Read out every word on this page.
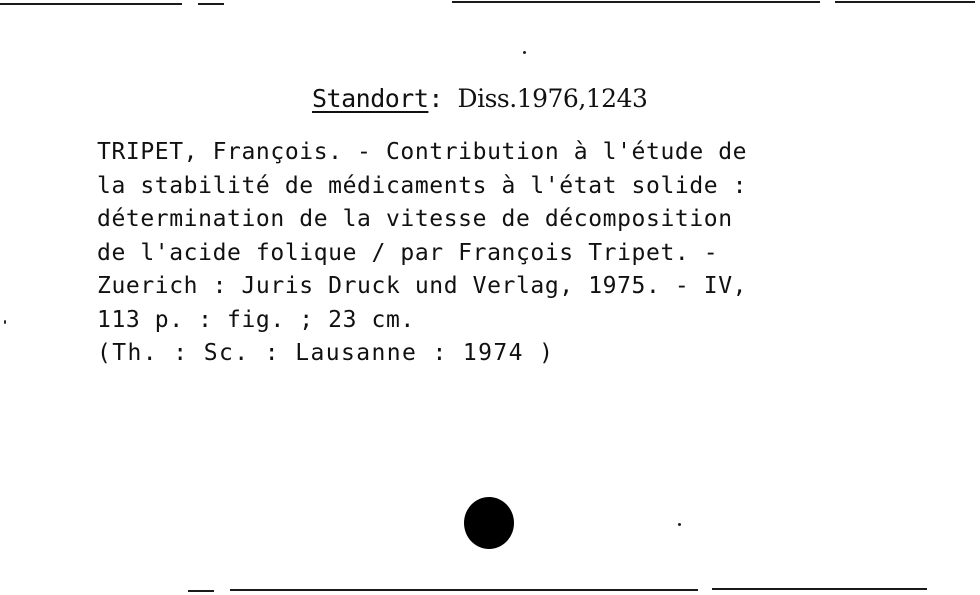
Standort: Diss.1976,1243
TRIPET, François. - Contribution à l'étude de
la stabilité de médicaments à l'état solide :
détermination de la vitesse de décomposition
de l'acide folique / par François Tripet. -
Zuerich : Juris Druck und Verlag, 1975. - IV,
113 p. : fig. ; 23 cm.
(Th. : Sc. : Lausanne : 1974 )
